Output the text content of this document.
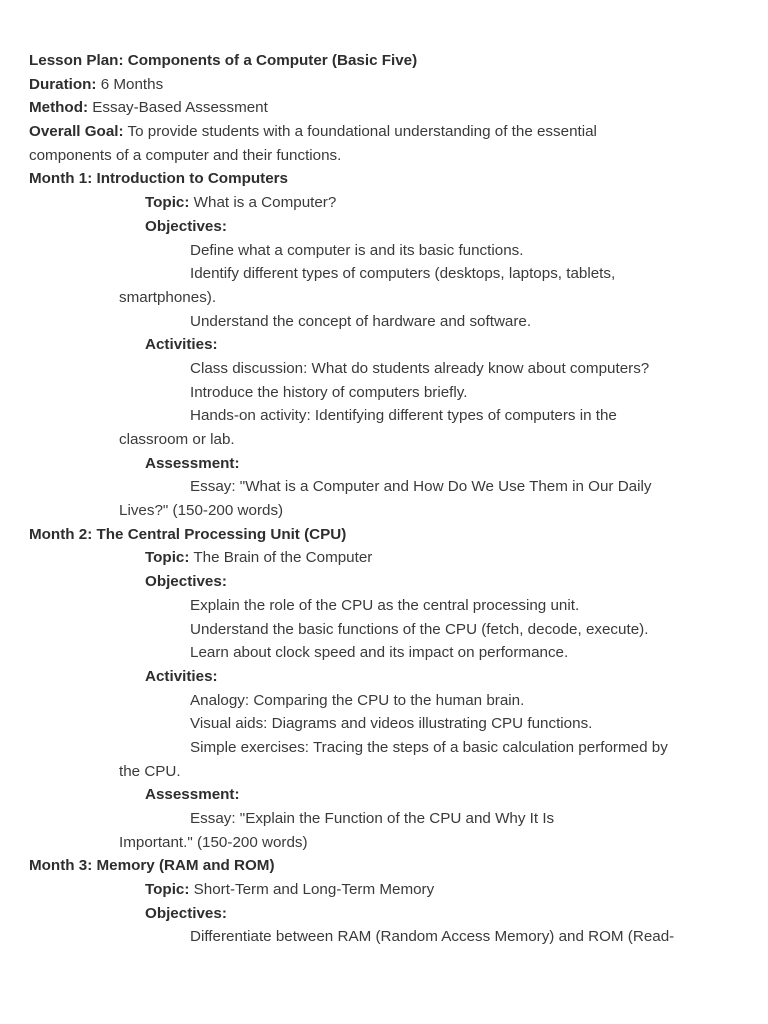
Lesson Plan: Components of a Computer (Basic Five)
Duration: 6 Months
Method: Essay-Based Assessment
Overall Goal: To provide students with a foundational understanding of the essential
components of a computer and their functions.
Month 1: Introduction to Computers
Topic: What is a Computer?
Objectives:
Define what a computer is and its basic functions.
Identify different types of computers (desktops, laptops, tablets,
smartphones).
Understand the concept of hardware and software.
Activities:
Class discussion: What do students already know about computers?
Introduce the history of computers briefly.
Hands-on activity: Identifying different types of computers in the
classroom or lab.
Assessment:
Essay: "What is a Computer and How Do We Use Them in Our Daily
Lives?" (150-200 words)
Month 2: The Central Processing Unit (CPU)
Topic: The Brain of the Computer
Objectives:
Explain the role of the CPU as the central processing unit.
Understand the basic functions of the CPU (fetch, decode, execute).
Learn about clock speed and its impact on performance.
Activities:
Analogy: Comparing the CPU to the human brain.
Visual aids: Diagrams and videos illustrating CPU functions.
Simple exercises: Tracing the steps of a basic calculation performed by
the CPU.
Assessment:
Essay: "Explain the Function of the CPU and Why It Is
Important." (150-200 words)
Month 3: Memory (RAM and ROM)
Topic: Short-Term and Long-Term Memory
Objectives:
Differentiate between RAM (Random Access Memory) and ROM (Read-
